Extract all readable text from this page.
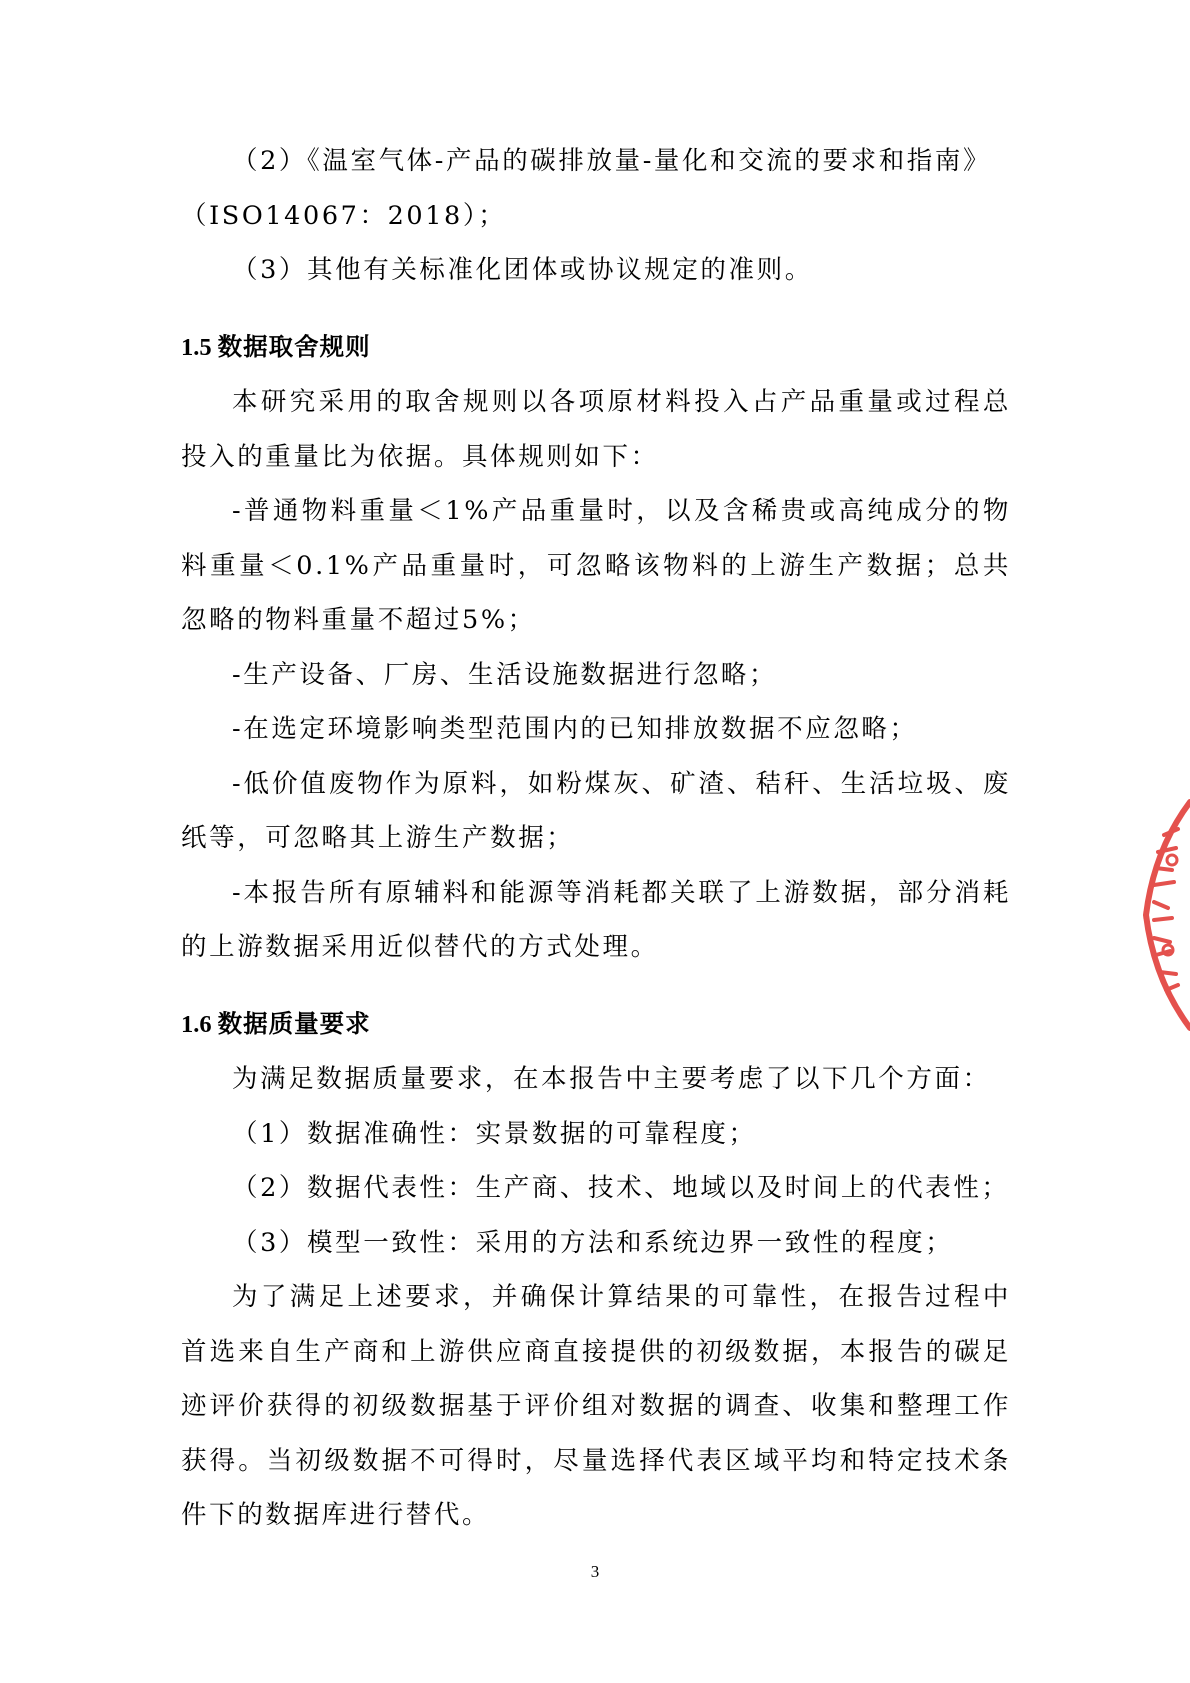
（2）《温室气体-产品的碳排放量-量化和交流的要求和指南》

（ISO14067：2018）；

（3）其他有关标准化团体或协议规定的准则。

1.5 数据取舍规则

本研究采用的取舍规则以各项原材料投入占产品重量或过程总投入的重量比为依据。具体规则如下：

-普通物料重量＜1%产品重量时，以及含稀贵或高纯成分的物料重量＜0.1%产品重量时，可忽略该物料的上游生产数据；总共忽略的物料重量不超过5%；

-生产设备、厂房、生活设施数据进行忽略；

-在选定环境影响类型范围内的已知排放数据不应忽略；

-低价值废物作为原料，如粉煤灰、矿渣、秸秆、生活垃圾、废纸等，可忽略其上游生产数据；

-本报告所有原辅料和能源等消耗都关联了上游数据，部分消耗的上游数据采用近似替代的方式处理。

1.6 数据质量要求

为满足数据质量要求，在本报告中主要考虑了以下几个方面：

（1）数据准确性：实景数据的可靠程度；

（2）数据代表性：生产商、技术、地域以及时间上的代表性；

（3）模型一致性：采用的方法和系统边界一致性的程度；

为了满足上述要求，并确保计算结果的可靠性，在报告过程中首选来自生产商和上游供应商直接提供的初级数据，本报告的碳足迹评价获得的初级数据基于评价组对数据的调查、收集和整理工作获得。当初级数据不可得时，尽量选择代表区域平均和特定技术条件下的数据库进行替代。

3
